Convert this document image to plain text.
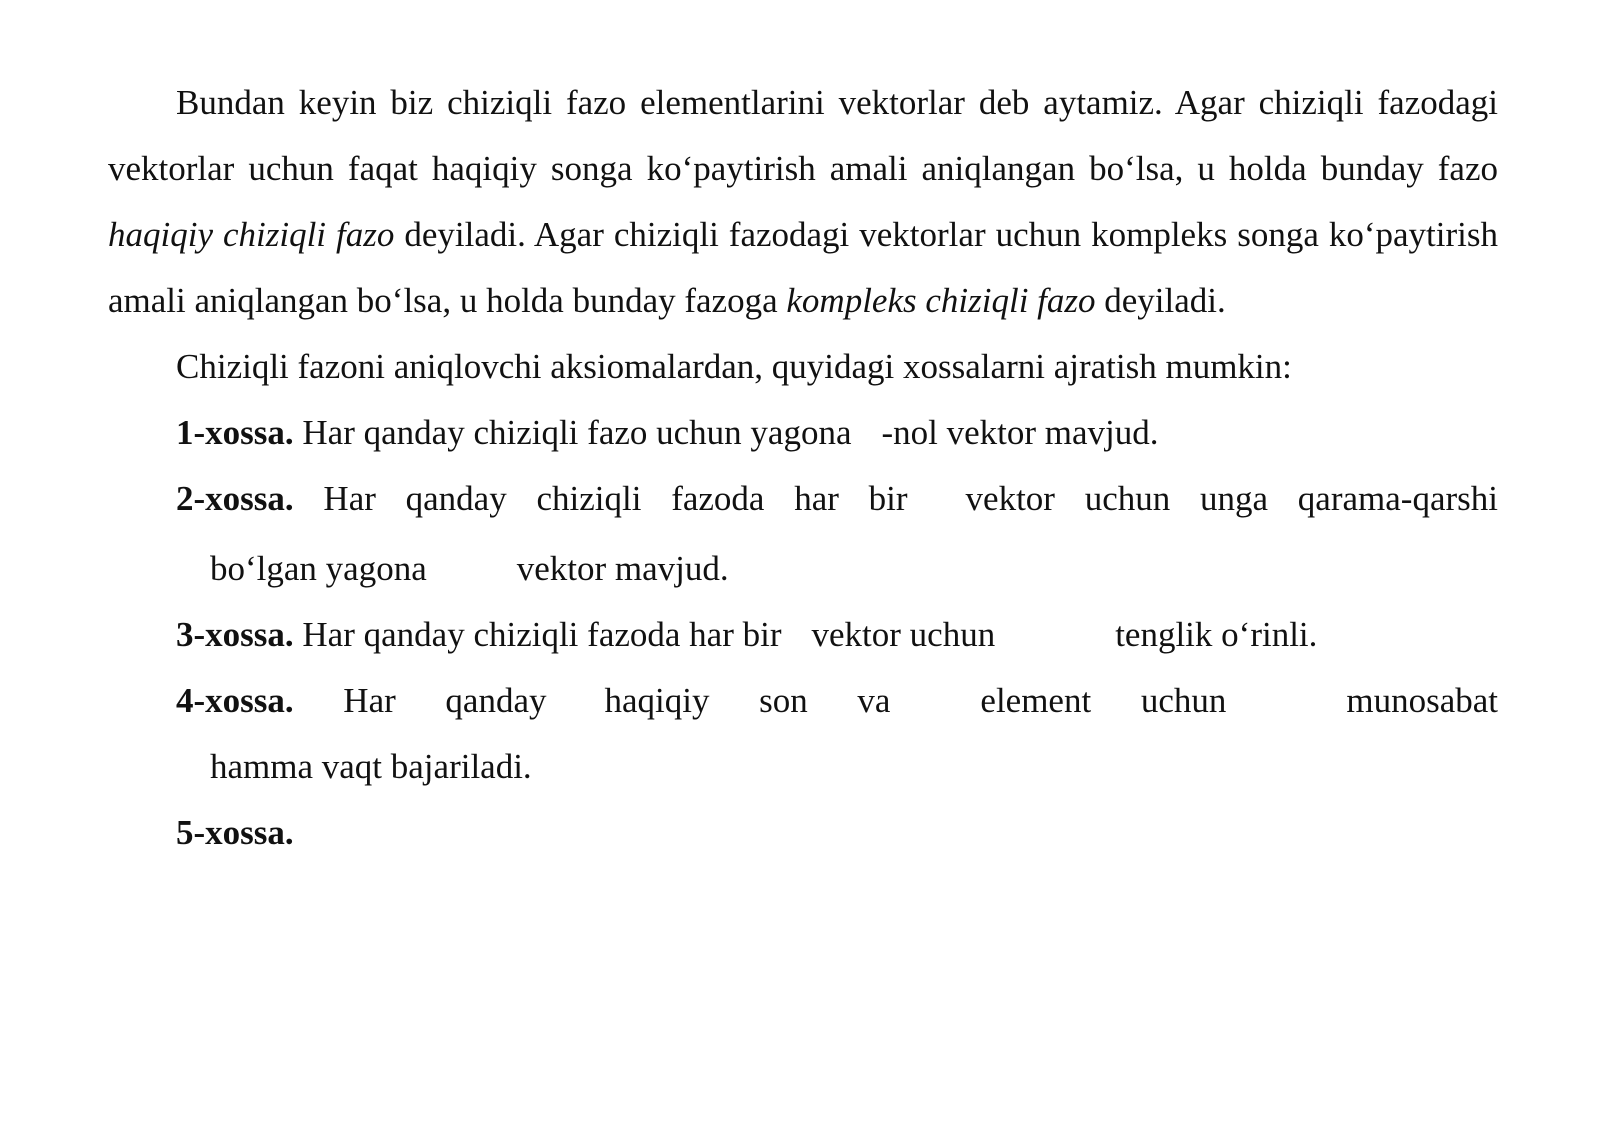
Bundan keyin biz chiziqli fazo elementlarini vektorlar deb aytamiz. Agar chiziqli fazodagi vektorlar uchun faqat haqiqiy songa ko‘paytirish amali aniqlangan bo‘lsa, u holda bunday fazo haqiqiy chiziqli fazo deyiladi. Agar chiziqli fazodagi vektorlar uchun kompleks songa ko‘paytirish amali aniqlangan bo‘lsa, u holda bunday fazoga kompleks chiziqli fazo deyiladi.

Chiziqli fazoni aniqlovchi aksiomalardan, quyidagi xossalarni ajratish mumkin:

1-xossa. Har qanday chiziqli fazo uchun yagona -nol vektor mavjud.

2-xossa. Har qanday chiziqli fazoda har bir vektor uchun unga qarama-qarshi
bo‘lgan yagona	vektor mavjud.

3-xossa. Har qanday chiziqli fazoda har bir vektor uchun	tenglik o‘rinli.

4-xossa. Har qanday haqiqiy son va	element uchun	munosabat
hamma vaqt bajariladi.

5-xossa.
